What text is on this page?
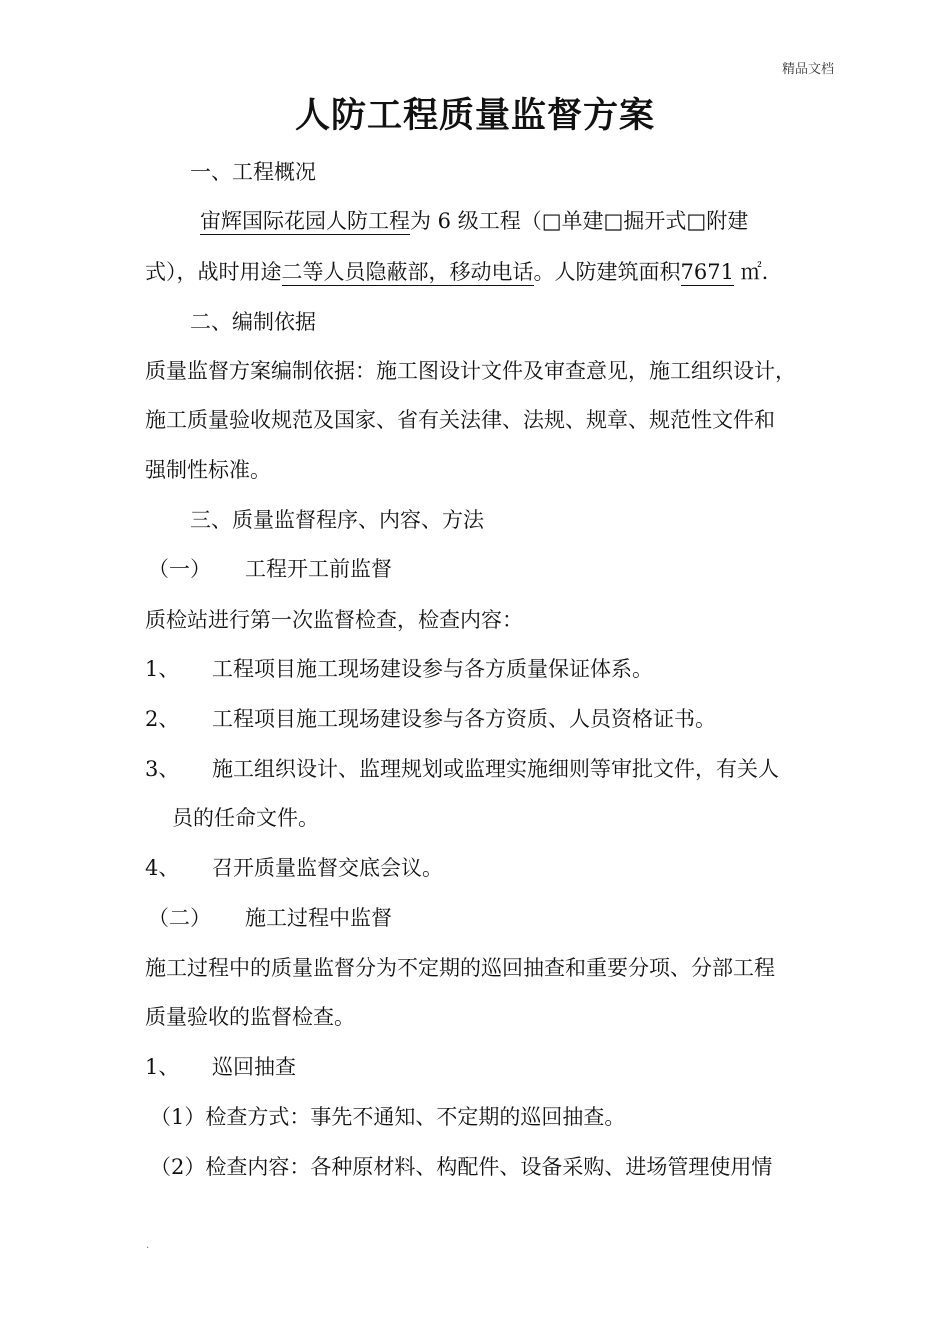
精品文档
人防工程质量监督方案
一、工程概况
宙辉国际花园人防工程为 6 级工程（□单建□掘开式□附建
式），战时用途二等人员隐蔽部，移动电话。人防建筑面积7671 ㎡.
二、编制依据
质量监督方案编制依据：施工图设计文件及审查意见，施工组织设计，
施工质量验收规范及国家、省有关法律、法规、规章、规范性文件和
强制性标准。
三、质量监督程序、内容、方法
（一） 工程开工前监督
质检站进行第一次监督检查，检查内容：
1、 工程项目施工现场建设参与各方质量保证体系。
2、 工程项目施工现场建设参与各方资质、人员资格证书。
3、 施工组织设计、监理规划或监理实施细则等审批文件，有关人
员的任命文件。
4、 召开质量监督交底会议。
（二） 施工过程中监督
施工过程中的质量监督分为不定期的巡回抽查和重要分项、分部工程
质量验收的监督检查。
1、 巡回抽查
（1）检查方式：事先不通知、不定期的巡回抽查。
（2）检查内容：各种原材料、构配件、设备采购、进场管理使用情
.
